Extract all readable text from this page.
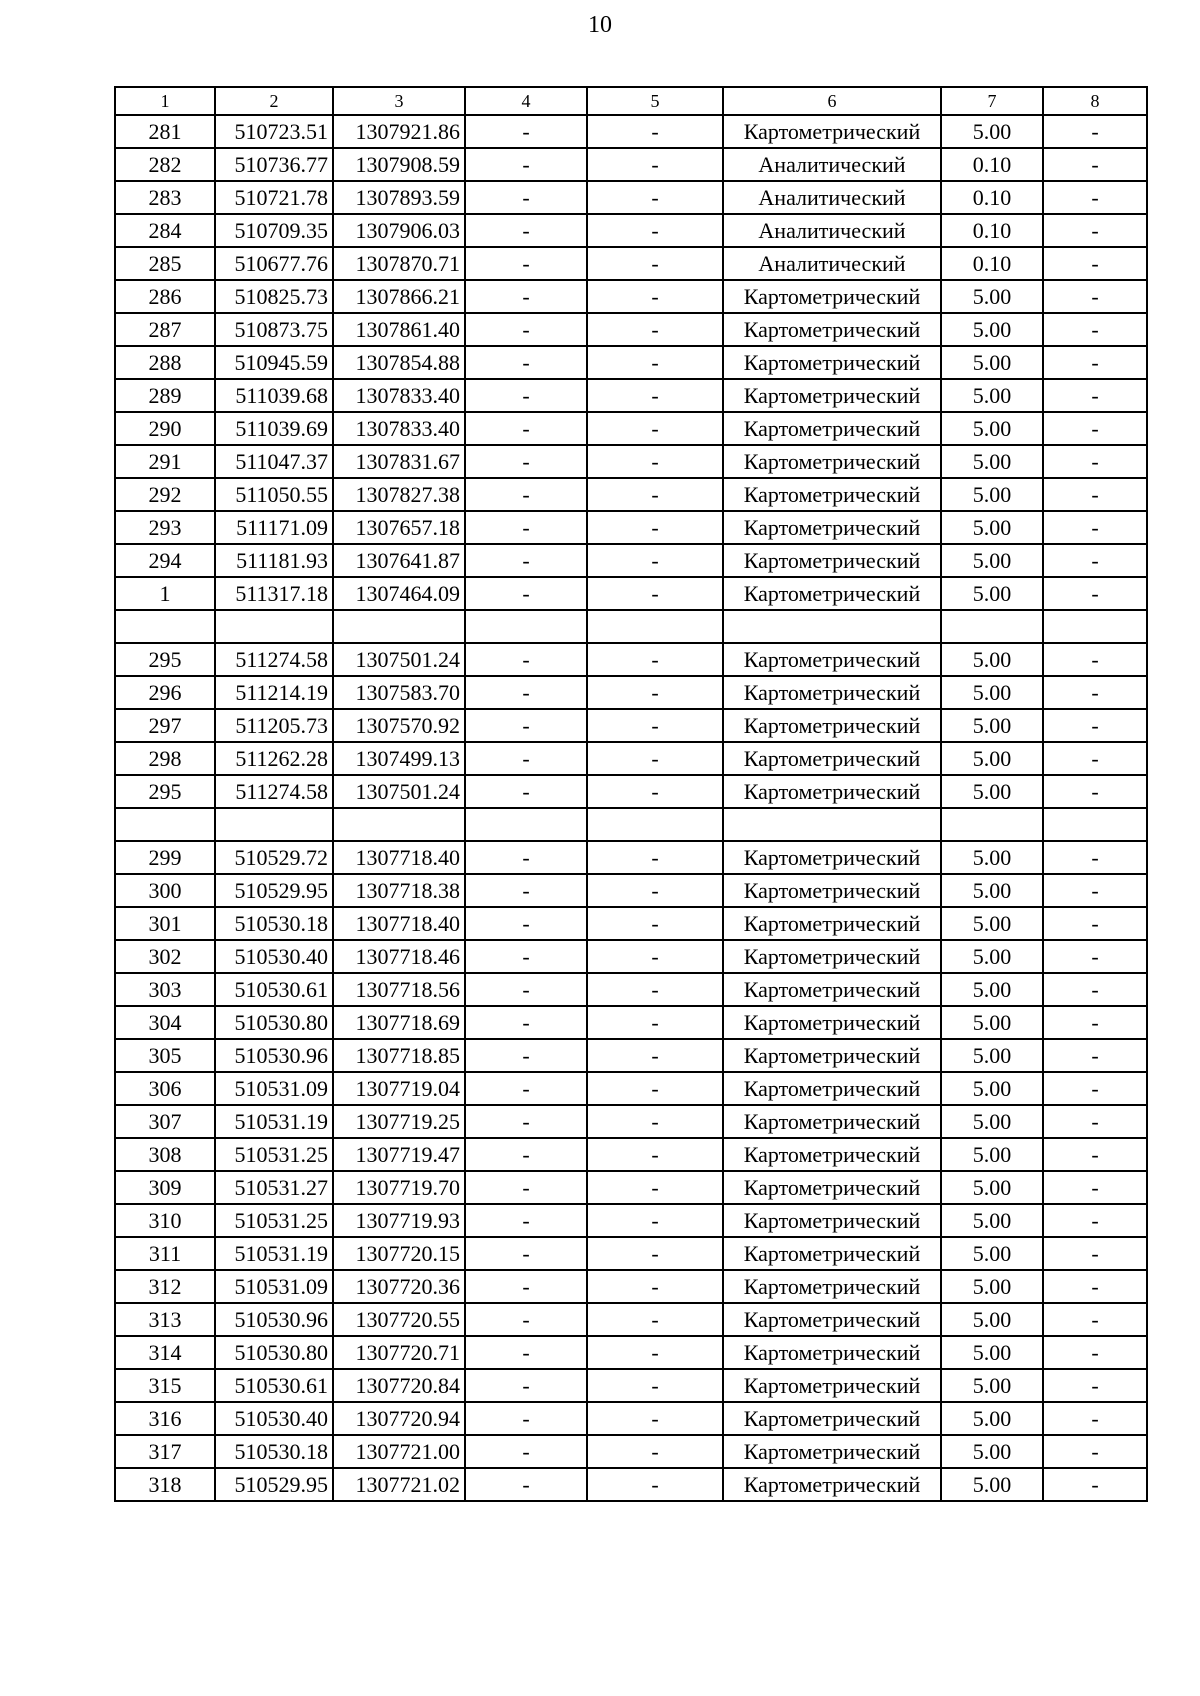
10
1	2	3	4	5	6	7	8
281	510723.51	1307921.86	-	-	Картометрический	5.00	-
282	510736.77	1307908.59	-	-	Аналитический	0.10	-
283	510721.78	1307893.59	-	-	Аналитический	0.10	-
284	510709.35	1307906.03	-	-	Аналитический	0.10	-
285	510677.76	1307870.71	-	-	Аналитический	0.10	-
286	510825.73	1307866.21	-	-	Картометрический	5.00	-
287	510873.75	1307861.40	-	-	Картометрический	5.00	-
288	510945.59	1307854.88	-	-	Картометрический	5.00	-
289	511039.68	1307833.40	-	-	Картометрический	5.00	-
290	511039.69	1307833.40	-	-	Картометрический	5.00	-
291	511047.37	1307831.67	-	-	Картометрический	5.00	-
292	511050.55	1307827.38	-	-	Картометрический	5.00	-
293	511171.09	1307657.18	-	-	Картометрический	5.00	-
294	511181.93	1307641.87	-	-	Картометрический	5.00	-
1	511317.18	1307464.09	-	-	Картометрический	5.00	-

295	511274.58	1307501.24	-	-	Картометрический	5.00	-
296	511214.19	1307583.70	-	-	Картометрический	5.00	-
297	511205.73	1307570.92	-	-	Картометрический	5.00	-
298	511262.28	1307499.13	-	-	Картометрический	5.00	-
295	511274.58	1307501.24	-	-	Картометрический	5.00	-

299	510529.72	1307718.40	-	-	Картометрический	5.00	-
300	510529.95	1307718.38	-	-	Картометрический	5.00	-
301	510530.18	1307718.40	-	-	Картометрический	5.00	-
302	510530.40	1307718.46	-	-	Картометрический	5.00	-
303	510530.61	1307718.56	-	-	Картометрический	5.00	-
304	510530.80	1307718.69	-	-	Картометрический	5.00	-
305	510530.96	1307718.85	-	-	Картометрический	5.00	-
306	510531.09	1307719.04	-	-	Картометрический	5.00	-
307	510531.19	1307719.25	-	-	Картометрический	5.00	-
308	510531.25	1307719.47	-	-	Картометрический	5.00	-
309	510531.27	1307719.70	-	-	Картометрический	5.00	-
310	510531.25	1307719.93	-	-	Картометрический	5.00	-
311	510531.19	1307720.15	-	-	Картометрический	5.00	-
312	510531.09	1307720.36	-	-	Картометрический	5.00	-
313	510530.96	1307720.55	-	-	Картометрический	5.00	-
314	510530.80	1307720.71	-	-	Картометрический	5.00	-
315	510530.61	1307720.84	-	-	Картометрический	5.00	-
316	510530.40	1307720.94	-	-	Картометрический	5.00	-
317	510530.18	1307721.00	-	-	Картометрический	5.00	-
318	510529.95	1307721.02	-	-	Картометрический	5.00	-
